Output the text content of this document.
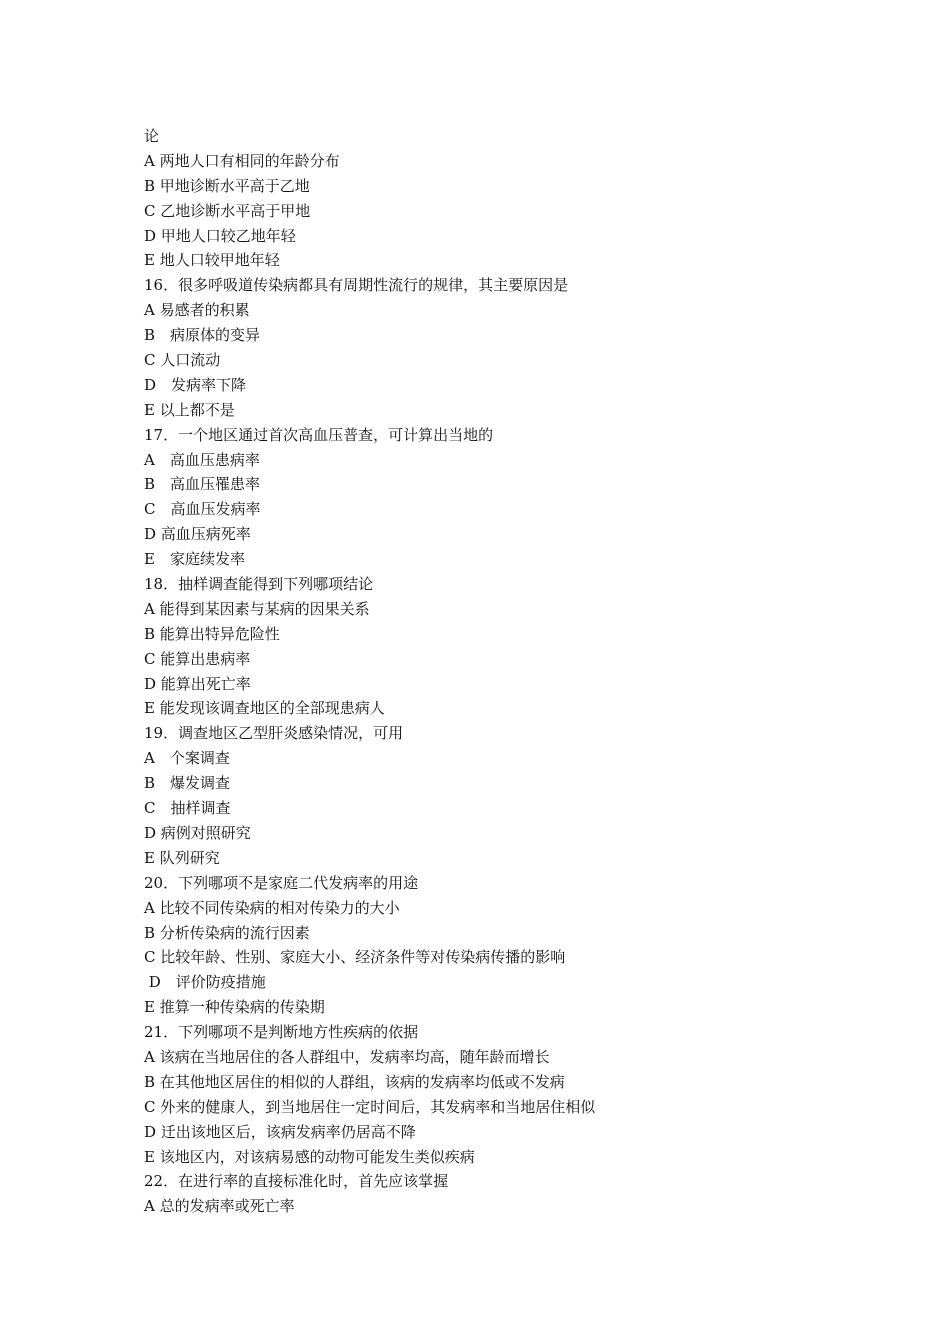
论
A 两地人口有相同的年龄分布
B 甲地诊断水平高于乙地
C 乙地诊断水平高于甲地
D 甲地人口较乙地年轻
E 地人口较甲地年轻
16．很多呼吸道传染病都具有周期性流行的规律，其主要原因是
A 易感者的积累
B　病原体的变异
C 人口流动
D　发病率下降
E 以上都不是
17．一个地区通过首次高血压普查，可计算出当地的
A　高血压患病率
B　高血压罹患率
C　高血压发病率
D 高血压病死率
E　家庭续发率
18．抽样调查能得到下列哪项结论
A 能得到某因素与某病的因果关系
B 能算出特异危险性
C 能算出患病率
D 能算出死亡率
E 能发现该调查地区的全部现患病人
19．调查地区乙型肝炎感染情况，可用
A　个案调查
B　爆发调查
C　抽样调查
D 病例对照研究
E 队列研究
20．下列哪项不是家庭二代发病率的用途
A 比较不同传染病的相对传染力的大小
B 分析传染病的流行因素
C 比较年龄、性别、家庭大小、经济条件等对传染病传播的影响
D　评价防疫措施
E 推算一种传染病的传染期
21．下列哪项不是判断地方性疾病的依据
A 该病在当地居住的各人群组中，发病率均高，随年龄而增长
B 在其他地区居住的相似的人群组，该病的发病率均低或不发病
C 外来的健康人，到当地居住一定时间后，其发病率和当地居住相似
D 迁出该地区后，该病发病率仍居高不降
E 该地区内，对该病易感的动物可能发生类似疾病
22．在进行率的直接标准化时，首先应该掌握
A 总的发病率或死亡率
